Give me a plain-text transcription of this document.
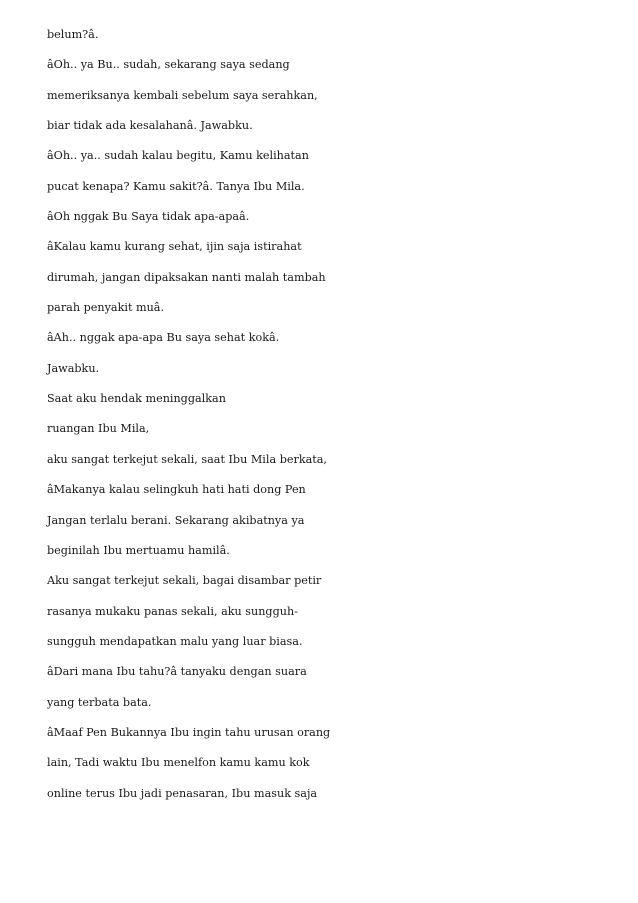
belum?â.
âOh.. ya Bu.. sudah, sekarang saya sedang
memeriksanya kembali sebelum saya serahkan,
biar tidak ada kesalahanâ. Jawabku.
âOh.. ya.. sudah kalau begitu, Kamu kelihatan
pucat kenapa? Kamu sakit?â. Tanya Ibu Mila.
âOh nggak Bu Saya tidak apa-apaâ.
âKalau kamu kurang sehat, ijin saja istirahat
dirumah, jangan dipaksakan nanti malah tambah
parah penyakit muâ.
âAh.. nggak apa-apa Bu saya sehat kokâ.
Jawabku.
Saat aku hendak meninggalkan
ruangan Ibu Mila,
aku sangat terkejut sekali, saat Ibu Mila berkata,
âMakanya kalau selingkuh hati hati dong Pen
Jangan terlalu berani. Sekarang akibatnya ya
beginilah Ibu mertuamu hamilâ.
Aku sangat terkejut sekali, bagai disambar petir
rasanya mukaku panas sekali, aku sungguh-
sungguh mendapatkan malu yang luar biasa.
âDari mana Ibu tahu?â tanyaku dengan suara
yang terbata bata.
âMaaf Pen Bukannya Ibu ingin tahu urusan orang
lain, Tadi waktu Ibu menelfon kamu kamu kok
online terus Ibu jadi penasaran, Ibu masuk saja
